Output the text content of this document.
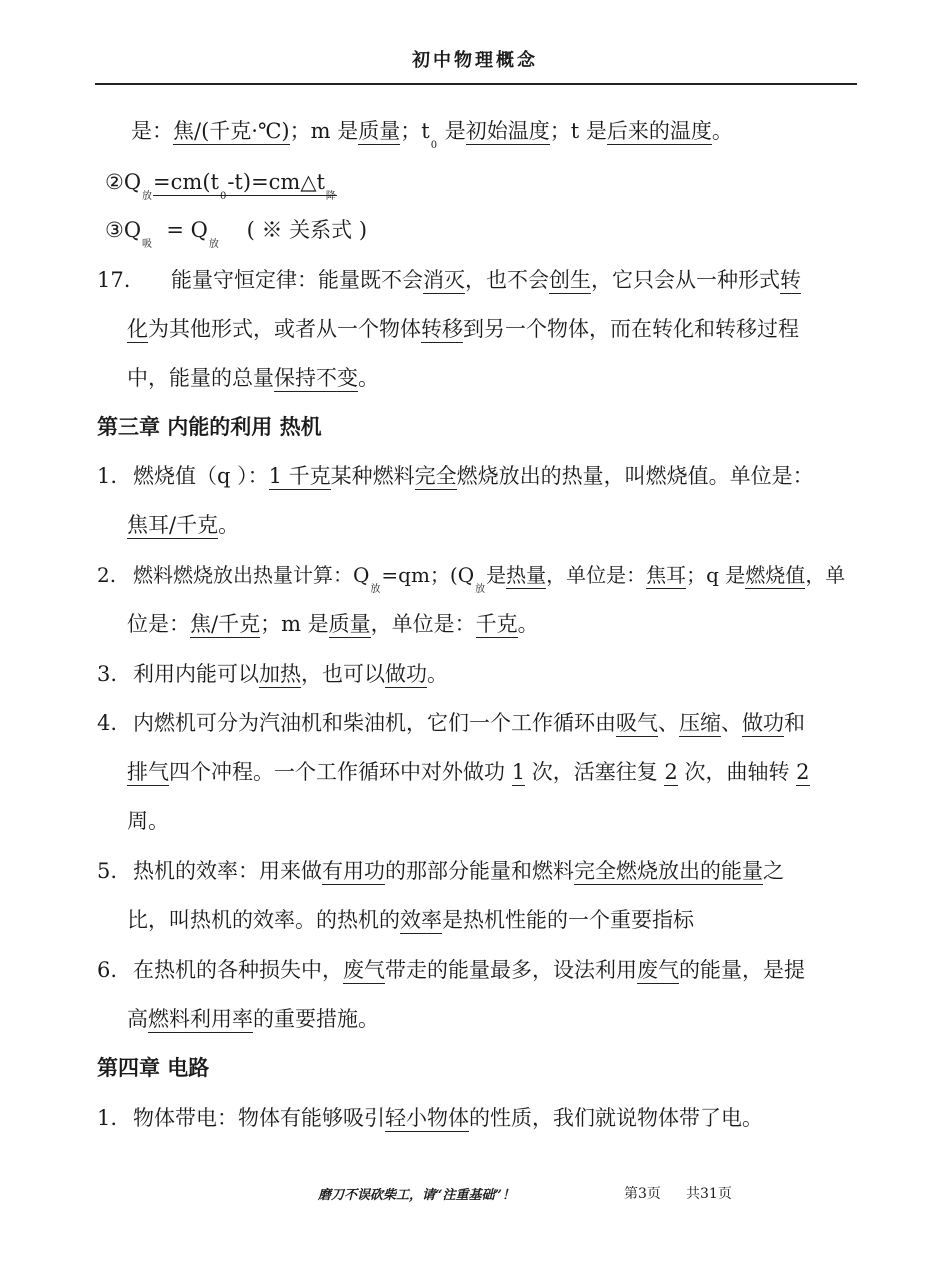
初中物理概念
是：焦/(千克·℃)；m 是质量；$t_0$ 是初始温度；t 是后来的温度。
$②Q_放=cm(t_0-t)=cm\triangle t_降$
$③Q_吸 = Q_放$    ( ※ 关系式 )
17. 能量守恒定律：能量既不会消灭，也不会创生，它只会从一种形式转
化为其他形式，或者从一个物体转移到另一个物体，而在转化和转移过程
中，能量的总量保持不变。
第三章 内能的利用 热机
1. 燃烧值（q ）：1 千克某种燃料完全燃烧放出的热量，叫燃烧值。单位是：
焦耳/千克。
2. 燃料燃烧放出热量计算：$Q_放=qm$；($Q_放$是热量，单位是：焦耳；q 是燃烧值，单
位是：焦/千克；m 是质量，单位是：千克。
3. 利用内能可以加热，也可以做功。
4. 内燃机可分为汽油机和柴油机，它们一个工作循环由吸气、压缩、做功和
排气四个冲程。一个工作循环中对外做功 1 次，活塞往复 2 次，曲轴转 2
周。
5. 热机的效率：用来做有用功的那部分能量和燃料完全燃烧放出的能量之
比，叫热机的效率。的热机的效率是热机性能的一个重要指标
6. 在热机的各种损失中，废气带走的能量最多，设法利用废气的能量，是提
高燃料利用率的重要措施。
第四章 电路
1. 物体带电：物体有能够吸引轻小物体的性质，我们就说物体带了电。
磨刀不误砍柴工，请“注重基础”！	第3页 共31页
